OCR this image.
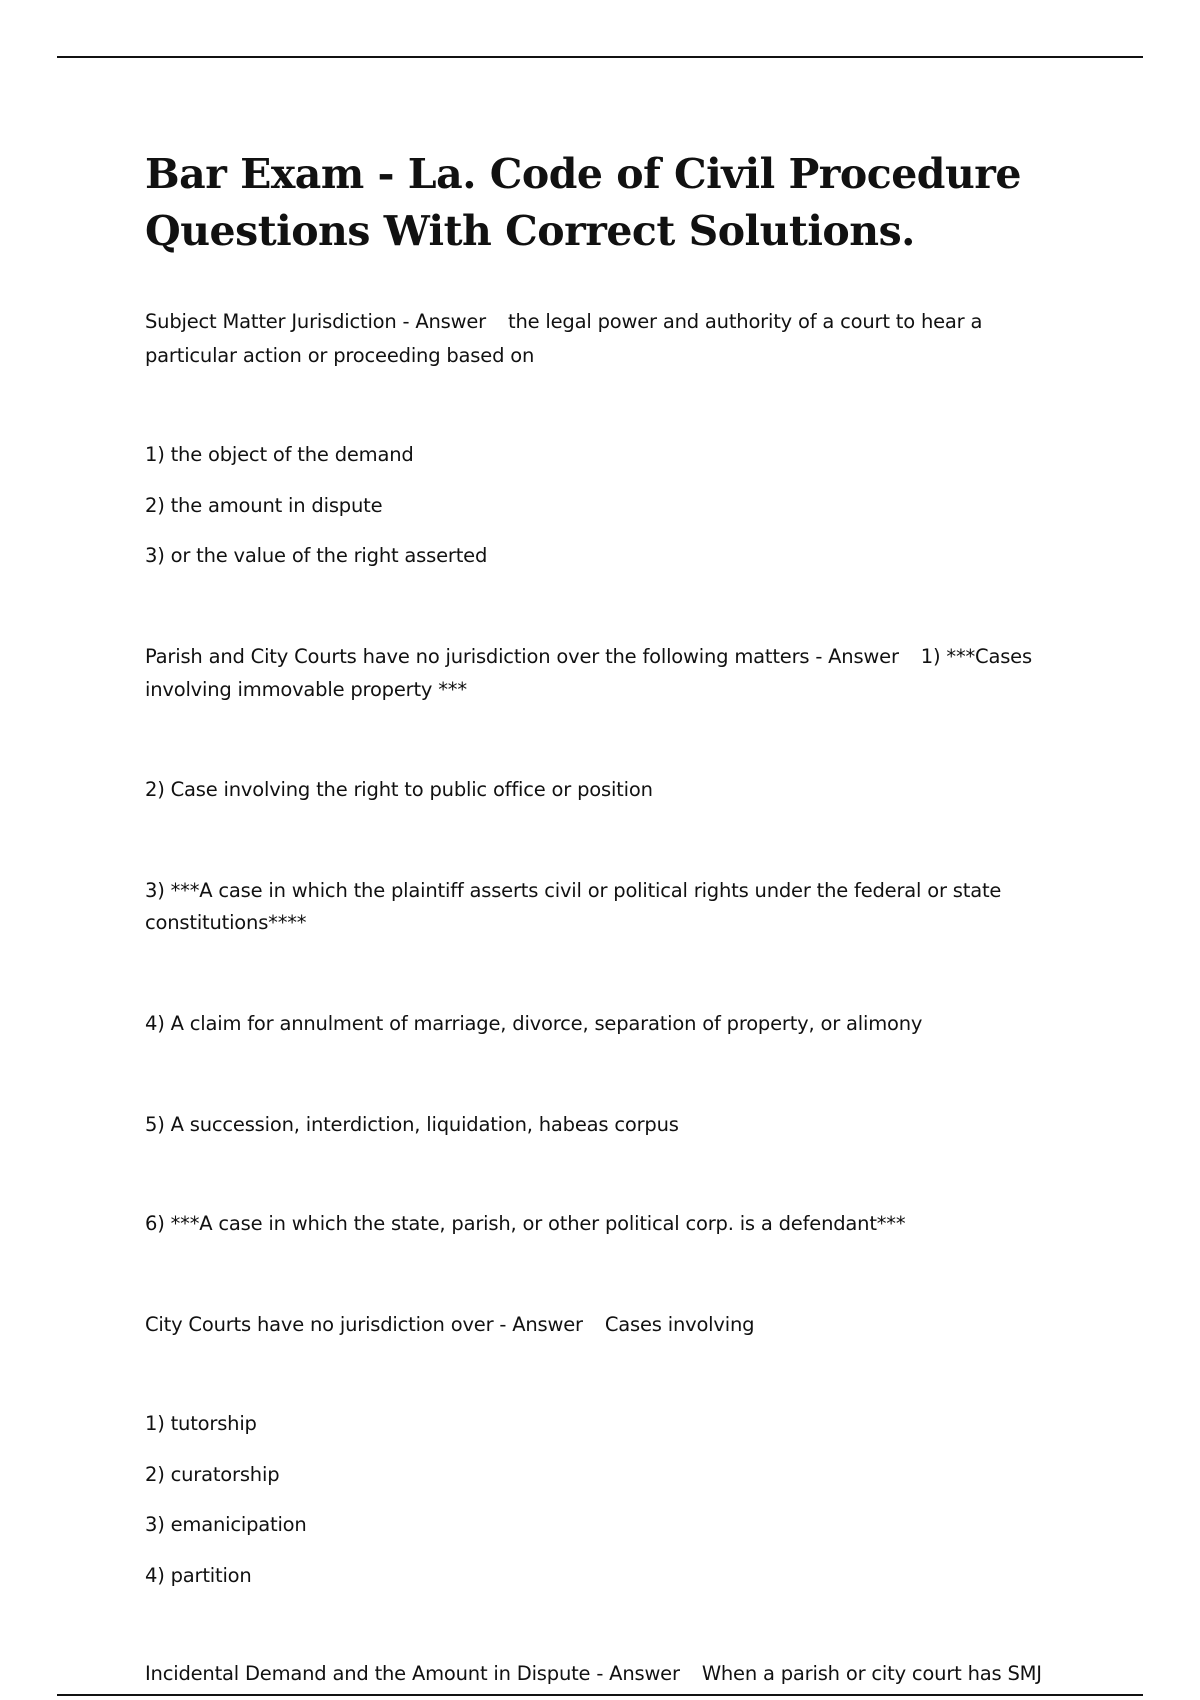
Bar Exam - La. Code of Civil Procedure
Questions With Correct Solutions.

Subject Matter Jurisdiction - Answer the legal power and authority of a court to hear a

particular action or proceeding based on

1) the object of the demand

2) the amount in dispute

3) or the value of the right asserted

Parish and City Courts have no jurisdiction over the following matters - Answer 1) ***Cases

involving immovable property ***

2) Case involving the right to public office or position

3) ***A case in which the plaintiff asserts civil or political rights under the federal or state

constitutions****

4) A claim for annulment of marriage, divorce, separation of property, or alimony

5) A succession, interdiction, liquidation, habeas corpus

6) ***A case in which the state, parish, or other political corp. is a defendant***

City Courts have no jurisdiction over - Answer Cases involving

1) tutorship

2) curatorship

3) emanicipation

4) partition

Incidental Demand and the Amount in Dispute - Answer When a parish or city court has SMJ
